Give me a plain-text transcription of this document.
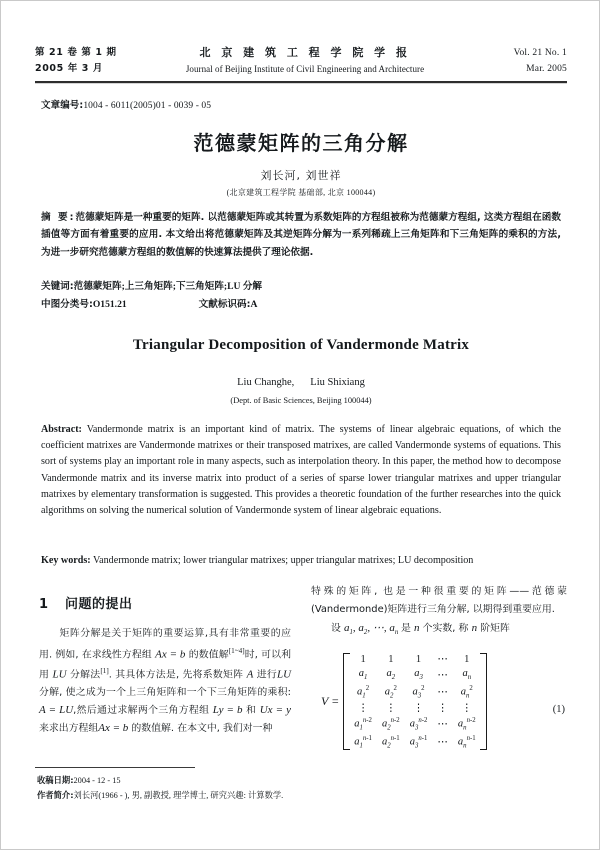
第 21 卷 第 1 期
2005 年 3 月
北 京 建 筑 工 程 学 院 学 报
Journal of Beijing Institute of Civil Engineering and Architecture
Vol. 21 No. 1
Mar. 2005
文章编号:1004 - 6011(2005)01 - 0039 - 05
范德蒙矩阵的三角分解
刘长河, 刘世祥
(北京建筑工程学院 基础部, 北京 100044)
摘 要:范德蒙矩阵是一种重要的矩阵. 以范德蒙矩阵或其转置为系数矩阵的方程组被称为范德蒙方程组, 这类方程组在函数插值等方面有着重要的应用. 本文给出将范德蒙矩阵及其逆矩阵分解为一系列稀疏上三角矩阵和下三角矩阵的乘积的方法, 为进一步研究范德蒙方程组的数值解的快速算法提供了理论依据.
关键词:范德蒙矩阵;上三角矩阵;下三角矩阵;LU 分解
中图分类号:O151.21	文献标识码:A
Triangular Decomposition of Vandermonde Matrix
Liu Changhe, Liu Shixiang
(Dept. of Basic Sciences, Beijing 100044)
Abstract: Vandermonde matrix is an important kind of matrix. The systems of linear algebraic equations, of which the coefficient matrixes are Vandermonde matrixes or their transposed matrixes, are called Vandermonde systems of equations. This sort of systems play an important role in many aspects, such as interpolation theory. In this paper, the method how to decompose Vandermonde matrix and its inverse matrix into product of a series of sparse lower triangular matrixes and upper triangular matrixes by elementary transformation is suggested. This provides a theoretic foundation of the further researches into the quick algorithms on solving the numerical solution of Vandermonde system of linear algebraic equations.
Key words: Vandermonde matrix; lower triangular matrixes; upper triangular matrixes; LU decomposition
1 问题的提出

矩阵分解是关于矩阵的重要运算,具有非常重要的应用. 例如, 在求线性方程组 Ax = b 的数值解[1~4]时, 可以利用 LU 分解法[1]. 其具体方法是, 先将系数矩阵 A 进行LU 分解, 使之成为一个上三角矩阵和一个下三角矩阵的乘积: A = LU,然后通过求解两个三角方程组 Ly = b 和 Ux = y 来求出方程组Ax = b 的数值解. 在本文中, 我们对一种

特殊的矩阵, 也是一种很重要的矩阵——范德蒙(Vandermonde)矩阵进行三角分解, 以期得到重要应用.

设 $a_1$, $a_2$, ⋯, $a_n$ 是 n 个实数, 称 n 阶矩阵

V =
1	1	1	⋯	1
$a_1$	$a_2$	$a_3$	⋯	$a_n$
$a_1^2$	$a_2^2$	$a_3^2$	⋯	$a_n^2$
⋮	⋮	⋮	⋮	⋮
$a_1^{n‑2}$	$a_2^{n‑2}$	$a_3^{n‑2}$	⋯	$a_n^{n‑2}$
$a_1^{n‑1}$	$a_2^{n‑1}$	$a_3^{n‑1}$	⋯	$a_n^{n‑1}$
(1)
收稿日期:2004 - 12 - 15
作者简介:刘长河(1966 - ), 男, 副教授, 理学博士, 研究兴趣: 计算数学.
